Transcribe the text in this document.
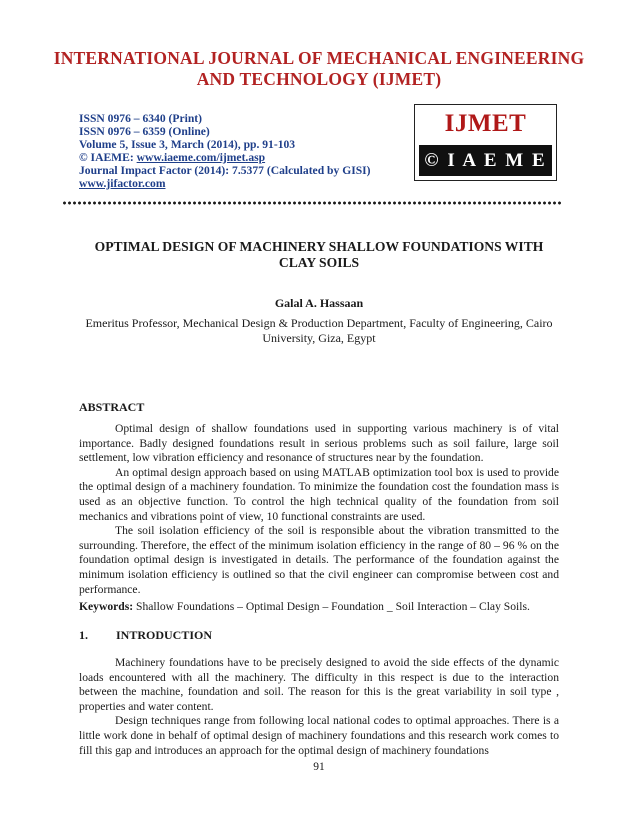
INTERNATIONAL JOURNAL OF MECHANICAL ENGINEERING
AND TECHNOLOGY (IJMET)
ISSN 0976 – 6340 (Print)
ISSN 0976 – 6359 (Online)
Volume 5, Issue 3, March (2014), pp. 91-103
© IAEME: www.iaeme.com/ijmet.asp
Journal Impact Factor (2014): 7.5377 (Calculated by GISI)
www.jifactor.com
IJMET
© I A E M E
OPTIMAL DESIGN OF MACHINERY SHALLOW FOUNDATIONS WITH
CLAY SOILS
Galal A. Hassaan
Emeritus Professor, Mechanical Design & Production Department, Faculty of Engineering, Cairo
University, Giza, Egypt
ABSTRACT

Optimal design of shallow foundations used in supporting various machinery is of vital importance. Badly designed foundations result in serious problems such as soil failure, large soil settlement, low vibration efficiency and resonance of structures near by the foundation.

An optimal design approach based on using MATLAB optimization tool box is used to provide the optimal design of a machinery foundation. To minimize the foundation cost the foundation mass is used as an objective function. To control the high technical quality of the foundation from soil mechanics and vibrations point of view, 10 functional constraints are used.

The soil isolation efficiency of the soil is responsible about the vibration transmitted to the surrounding. Therefore, the effect of the minimum isolation efficiency in the range of 80 – 96 % on the foundation optimal design is investigated in details. The performance of the foundation against the minimum isolation efficiency is outlined so that the civil engineer can compromise between cost and performance.

Keywords: Shallow Foundations – Optimal Design – Foundation _ Soil Interaction – Clay Soils.
1. INTRODUCTION

Machinery foundations have to be precisely designed to avoid the side effects of the dynamic loads encountered with all the machinery. The difficulty in this respect is due to the interaction between the machine, foundation and soil. The reason for this is the great variability in soil type , properties and water content.

Design techniques range from following local national codes to optimal approaches. There is a little work done in behalf of optimal design of machinery foundations and this research work comes to fill this gap and introduces an approach for the optimal design of machinery foundations

91
